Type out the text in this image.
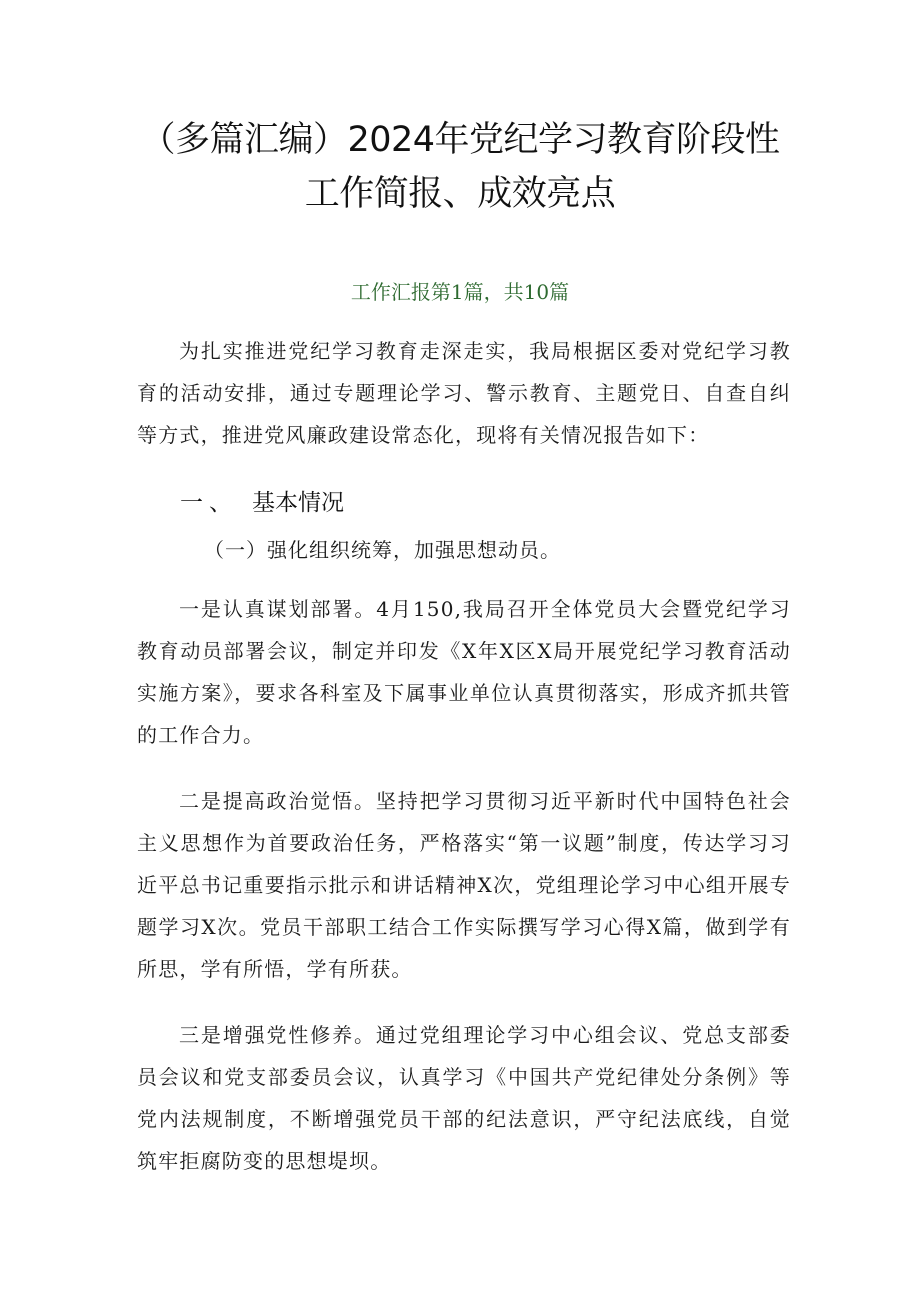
（多篇汇编）2024年党纪学习教育阶段性
工作简报、成效亮点
工作汇报第1篇，共10篇

为扎实推进党纪学习教育走深走实，我局根据区委对党纪学习教育的活动安排，通过专题理论学习、警示教育、主题党日、自查自纠等方式，推进党风廉政建设常态化，现将有关情况报告如下：

一、 基本情况
（一）强化组织统筹，加强思想动员。

一是认真谋划部署。4月150,我局召开全体党员大会暨党纪学习教育动员部署会议，制定并印发《X年X区X局开展党纪学习教育活动实施方案》，要求各科室及下属事业单位认真贯彻落实，形成齐抓共管的工作合力。

二是提高政治觉悟。坚持把学习贯彻习近平新时代中国特色社会主义思想作为首要政治任务，严格落实“第一议题”制度，传达学习习近平总书记重要指示批示和讲话精神X次，党组理论学习中心组开展专题学习X次。党员干部职工结合工作实际撰写学习心得X篇，做到学有所思，学有所悟，学有所获。

三是增强党性修养。通过党组理论学习中心组会议、党总支部委员会议和党支部委员会议，认真学习《中国共产党纪律处分条例》等党内法规制度，不断增强党员干部的纪法意识，严守纪法底线，自觉筑牢拒腐防变的思想堤坝。
